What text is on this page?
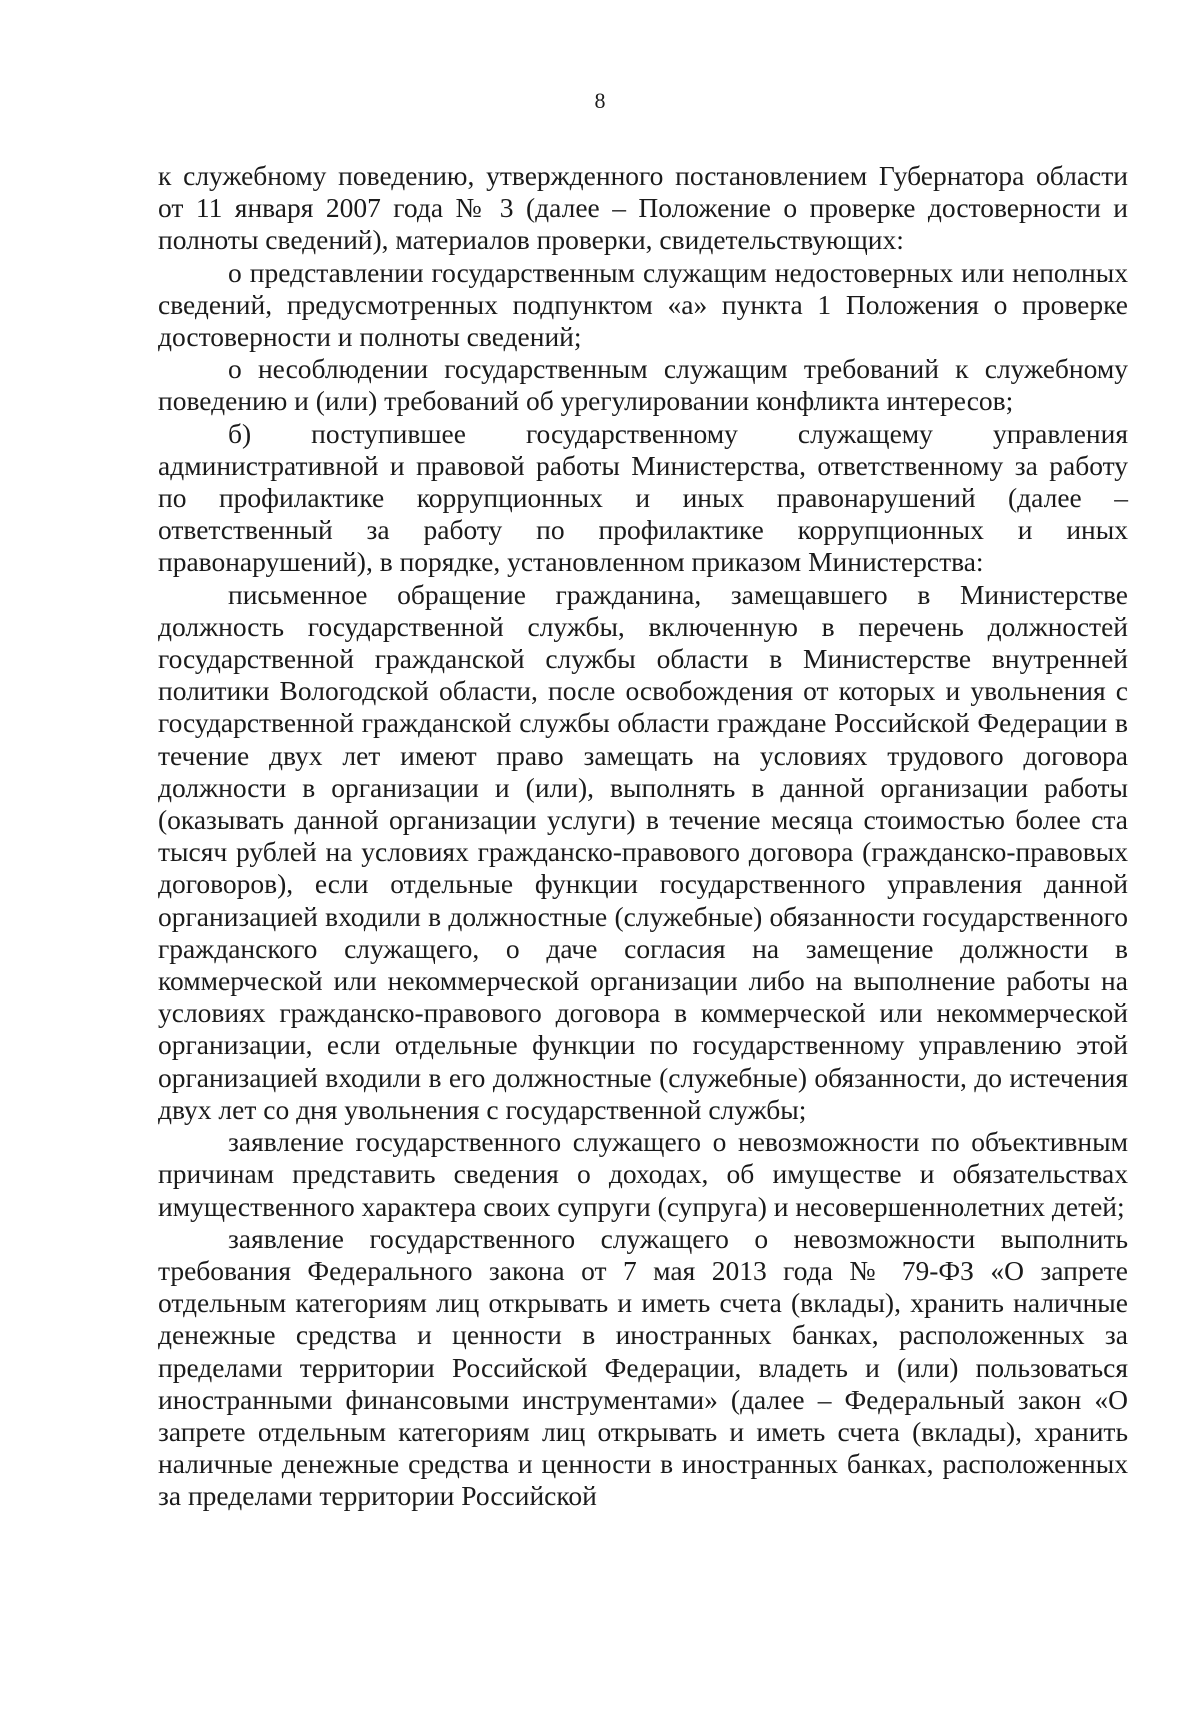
8

к служебному поведению, утвержденного постановлением Губернатора области от 11 января 2007 года № 3 (далее – Положение о проверке достоверности и полноты сведений), материалов проверки, свидетельствующих:

о представлении государственным служащим недостоверных или неполных сведений, предусмотренных подпунктом «а» пункта 1 Положения о проверке достоверности и полноты сведений;

о несоблюдении государственным служащим требований к служебному поведению и (или) требований об урегулировании конфликта интересов;

б) поступившее государственному служащему управления административной и правовой работы Министерства, ответственному за работу по профилактике коррупционных и иных правонарушений (далее – ответственный за работу по профилактике коррупционных и иных правонарушений), в порядке, установленном приказом Министерства:

письменное обращение гражданина, замещавшего в Министерстве должность государственной службы, включенную в перечень должностей государственной гражданской службы области в Министерстве внутренней политики Вологодской области, после освобождения от которых и увольнения с государственной гражданской службы области граждане Российской Федерации в течение двух лет имеют право замещать на условиях трудового договора должности в организации и (или), выполнять в данной организации работы (оказывать данной организации услуги) в течение месяца стоимостью более ста тысяч рублей на условиях гражданско-правового договора (гражданско-правовых договоров), если отдельные функции государственного управления данной организацией входили в должностные (служебные) обязанности государственного гражданского служащего, о даче согласия на замещение должности в коммерческой или некоммерческой организации либо на выполнение работы на условиях гражданско-правового договора в коммерческой или некоммерческой организации, если отдельные функции по государственному управлению этой организацией входили в его должностные (служебные) обязанности, до истечения двух лет со дня увольнения с государственной службы;

заявление государственного служащего о невозможности по объективным причинам представить сведения о доходах, об имуществе и обязательствах имущественного характера своих супруги (супруга) и несовершеннолетних детей;

заявление государственного служащего о невозможности выполнить требования Федерального закона от 7 мая 2013 года № 79-ФЗ «О запрете отдельным категориям лиц открывать и иметь счета (вклады), хранить наличные денежные средства и ценности в иностранных банках, расположенных за пределами территории Российской Федерации, владеть и (или) пользоваться иностранными финансовыми инструментами» (далее – Федеральный закон «О запрете отдельным категориям лиц открывать и иметь счета (вклады), хранить наличные денежные средства и ценности в иностранных банках, расположенных за пределами территории Российской
